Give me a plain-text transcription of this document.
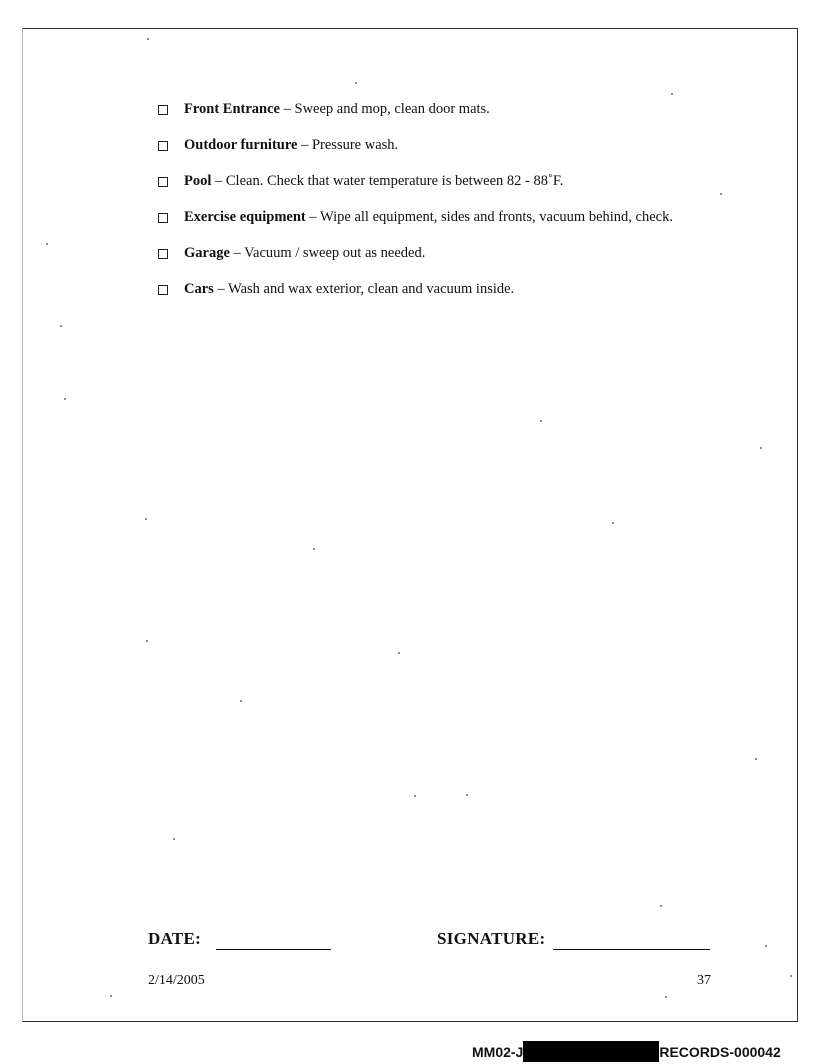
Front Entrance – Sweep and mop, clean door mats.
Outdoor furniture – Pressure wash.
Pool – Clean. Check that water temperature is between 82 - 88˚F.
Exercise equipment – Wipe all equipment, sides and fronts, vacuum behind, check.
Garage – Vacuum / sweep out as needed.
Cars – Wash and wax exterior, clean and vacuum inside.
DATE:	SIGNATURE:
2/14/2005	37
MM02-J	RECORDS-000042
